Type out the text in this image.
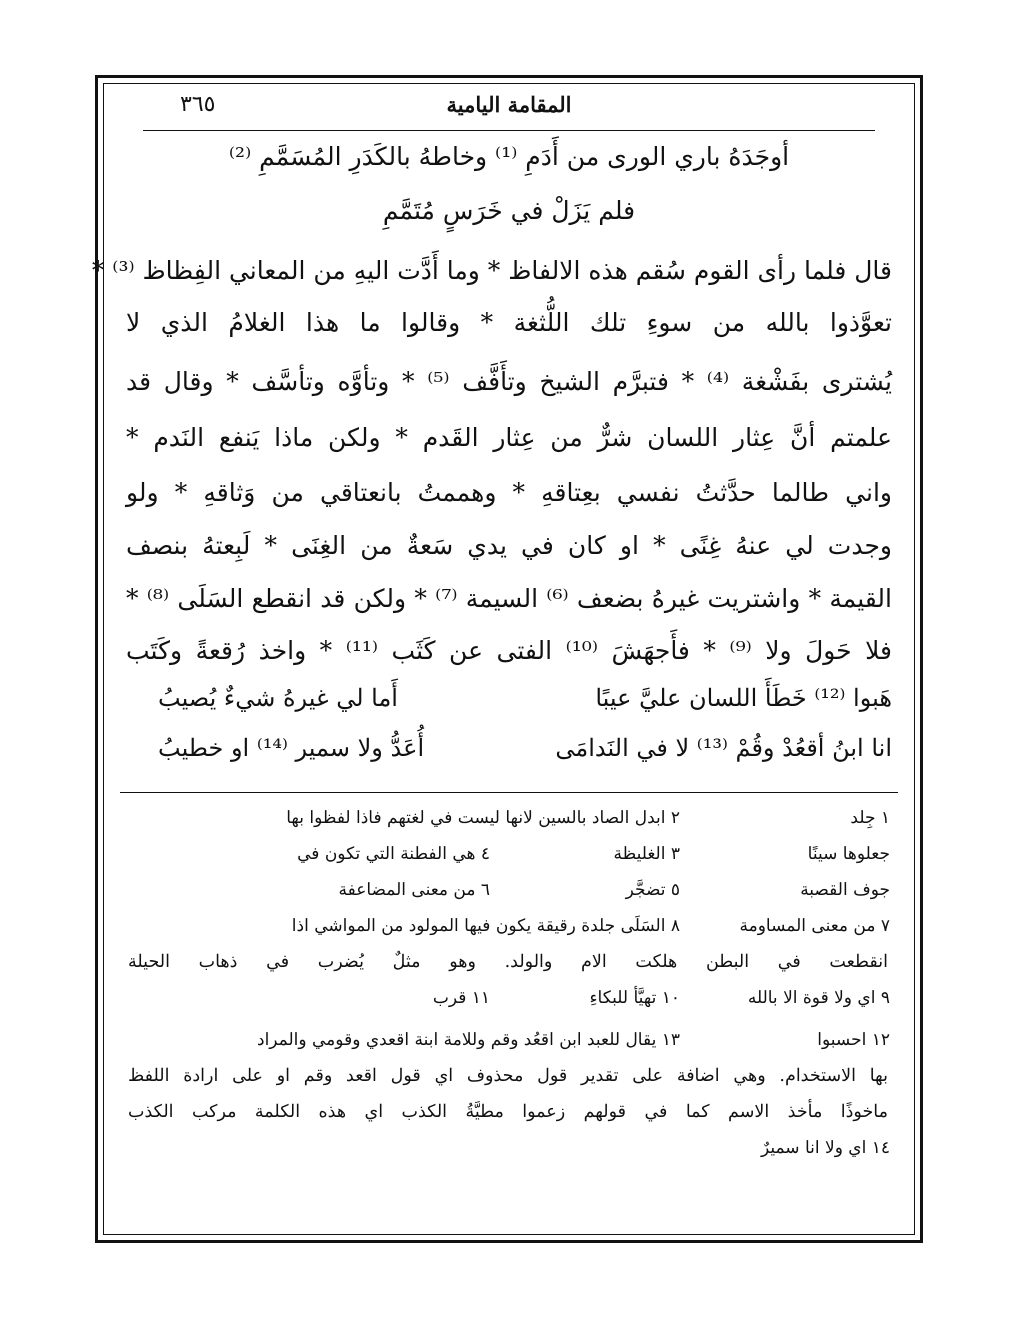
المقامة اليامية
٣٦٥
أوجَدَهُ باري الورى من أَدَمِ ⁽¹⁾ وخاطهُ بالكَدَرِ المُسَمَّمِ ⁽²⁾
فلم يَزَلْ في خَرَسٍ مُتَمَّمِ
قال فلما رأى القوم سُقم هذه الالفاظ * وما أَدَّت اليهِ من المعاني الفِظاظ ⁽³⁾ *
تعوَّذوا بالله من سوءِ تلك اللُّثغة * وقالوا ما هذا الغلامُ الذي لا
يُشترى بفَشْغة ⁽⁴⁾ * فتبرَّم الشيخ وتأَفَّف ⁽⁵⁾ * وتأوَّه وتأسَّف * وقال قد
علمتم أنَّ عِثار اللسان شرٌّ من عِثار القَدم * ولكن ماذا يَنفع النَدم *
واني طالما حدَّثتُ نفسي بعِتاقهِ * وهممتُ بانعتاقي من وَثاقهِ * ولو
وجدت لي عنهُ غِنًى * او كان في يدي سَعةٌ من الغِنَى * لَبِعتهُ بنصف
القيمة * واشتريت غيرهُ بضعف ⁽⁶⁾ السيمة ⁽⁷⁾ * ولكن قد انقطع السَلَى ⁽⁸⁾ *
فلا حَولَ ولا ⁽⁹⁾ * فأَجهَشَ ⁽¹⁰⁾ الفتى عن كَثَب ⁽¹¹⁾ * واخذ رُقعةً وكَتَب
هَبوا ⁽¹²⁾ خَطَأَ اللسان عليَّ عيبًا
أَما لي غيرهُ شيءٌ يُصيبُ
انا ابنُ أقعُدْ وقُمْ ⁽¹³⁾ لا في النَدامَى
أُعَدُّ ولا سمير ⁽¹⁴⁾ او خطيبُ
١ جِلد
٢ ابدل الصاد بالسين لانها ليست في لغتهم فاذا لفظوا بها
جعلوها سينًا
٣ الغليظة
٤ هي الفطنة التي تكون في
جوف القصبة
٥ تضجَّر
٦ من معنى المضاعفة
٧ من معنى المساومة
٨ السَلَى جلدة رقيقة يكون فيها المولود من المواشي اذا
انقطعت في البطن هلكت الام والولد. وهو مثلٌ يُضرب في ذهاب الحيلة
٩ اي ولا قوة الا بالله
١٠ تهيَّأ للبكاءِ
١١ قرب
١٢ احسبوا
١٣ يقال للعبد ابن اقعُد وقم وللامة ابنة اقعدي وقومي والمراد
بها الاستخدام. وهي اضافة على تقدير قول محذوف اي قول اقعد وقم او على ارادة اللفظ
ماخوذًا مأخذ الاسم كما في قولهم زعموا مطيَّةُ الكذب اي هذه الكلمة مركب الكذب
١٤ اي ولا انا سميرٌ
